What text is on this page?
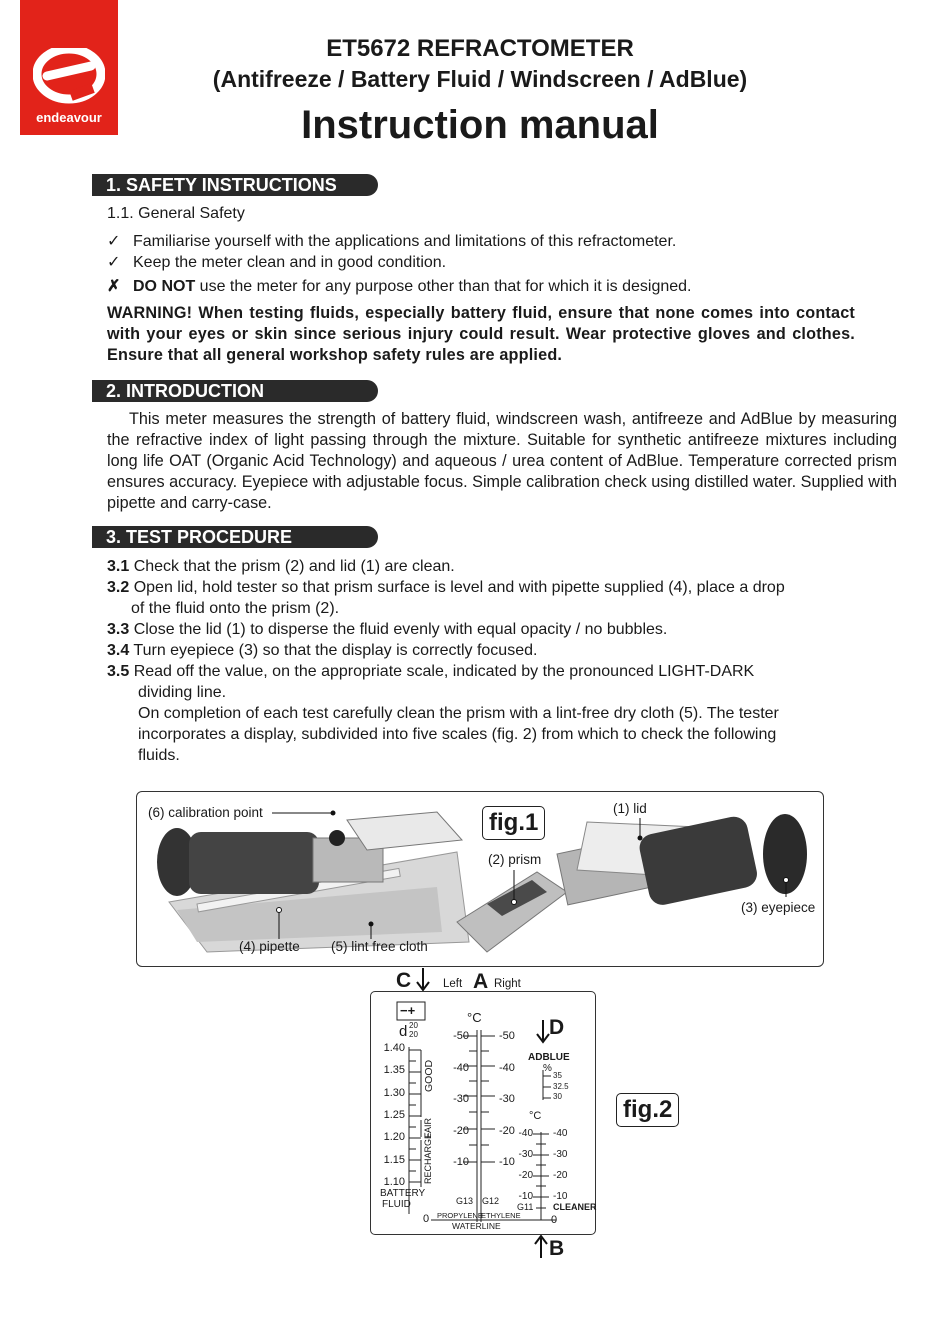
endeavour
ET5672 REFRACTOMETER
(Antifreeze / Battery Fluid / Windscreen / AdBlue)
Instruction manual
1. SAFETY INSTRUCTIONS
1.1. General Safety
✓ Familiarise yourself with the applications and limitations of this refractometer.
✓ Keep the meter clean and in good condition.
✗ DO NOT use the meter for any purpose other than that for which it is designed.
WARNING! When testing fluids, especially battery fluid, ensure that none comes into contact with your eyes or skin since serious injury could result. Wear protective gloves and clothes. Ensure that all general workshop safety rules are applied.
2. INTRODUCTION
This meter measures the strength of battery fluid, windscreen wash, antifreeze and AdBlue by measuring the refractive index of light passing through the mixture. Suitable for synthetic antifreeze mixtures including long life OAT (Organic Acid Technology) and aqueous / urea content of AdBlue. Temperature corrected prism ensures accuracy. Eyepiece with adjustable focus. Simple calibration check using distilled water. Supplied with pipette and carry-case.
3. TEST PROCEDURE
3.1 Check that the prism (2) and lid (1) are clean.
3.2 Open lid, hold tester so that prism surface is level and with pipette supplied (4), place a drop
of the fluid onto the prism (2).
3.3 Close the lid (1) to disperse the fluid evenly with equal opacity / no bubbles.
3.4 Turn eyepiece (3) so that the display is correctly focused.
3.5 Read off the value, on the appropriate scale, indicated by the pronounced LIGHT-DARK
dividing line.
On completion of each test carefully clean the prism with a lint-free dry cloth (5). The tester
incorporates a display, subdivided into five scales (fig. 2) from which to check the following
fluids.
(6) calibration point
(4) pipette (5) lint free cloth
(1) lid
(2) prism
(3) eyepiece
fig.1
C	Left A Right
D
B
fig.2
−+
d 20
20
°C
1.40
1.35
1.30
1.25
1.20
1.15
1.10
GOOD
FAIR
RECHARGE
BATTERY
FLUID
0
-50
-40
-30
-20
-10
-50
-40
-30
-20
-10
G13 G12
G11
PROPYLENE
ETHYLENE
WATERLINE
ADBLUE
%
35
32.5
30
-40
-30
-20
-10
-40
-30
-20
-10
°C
CLEANER
0
